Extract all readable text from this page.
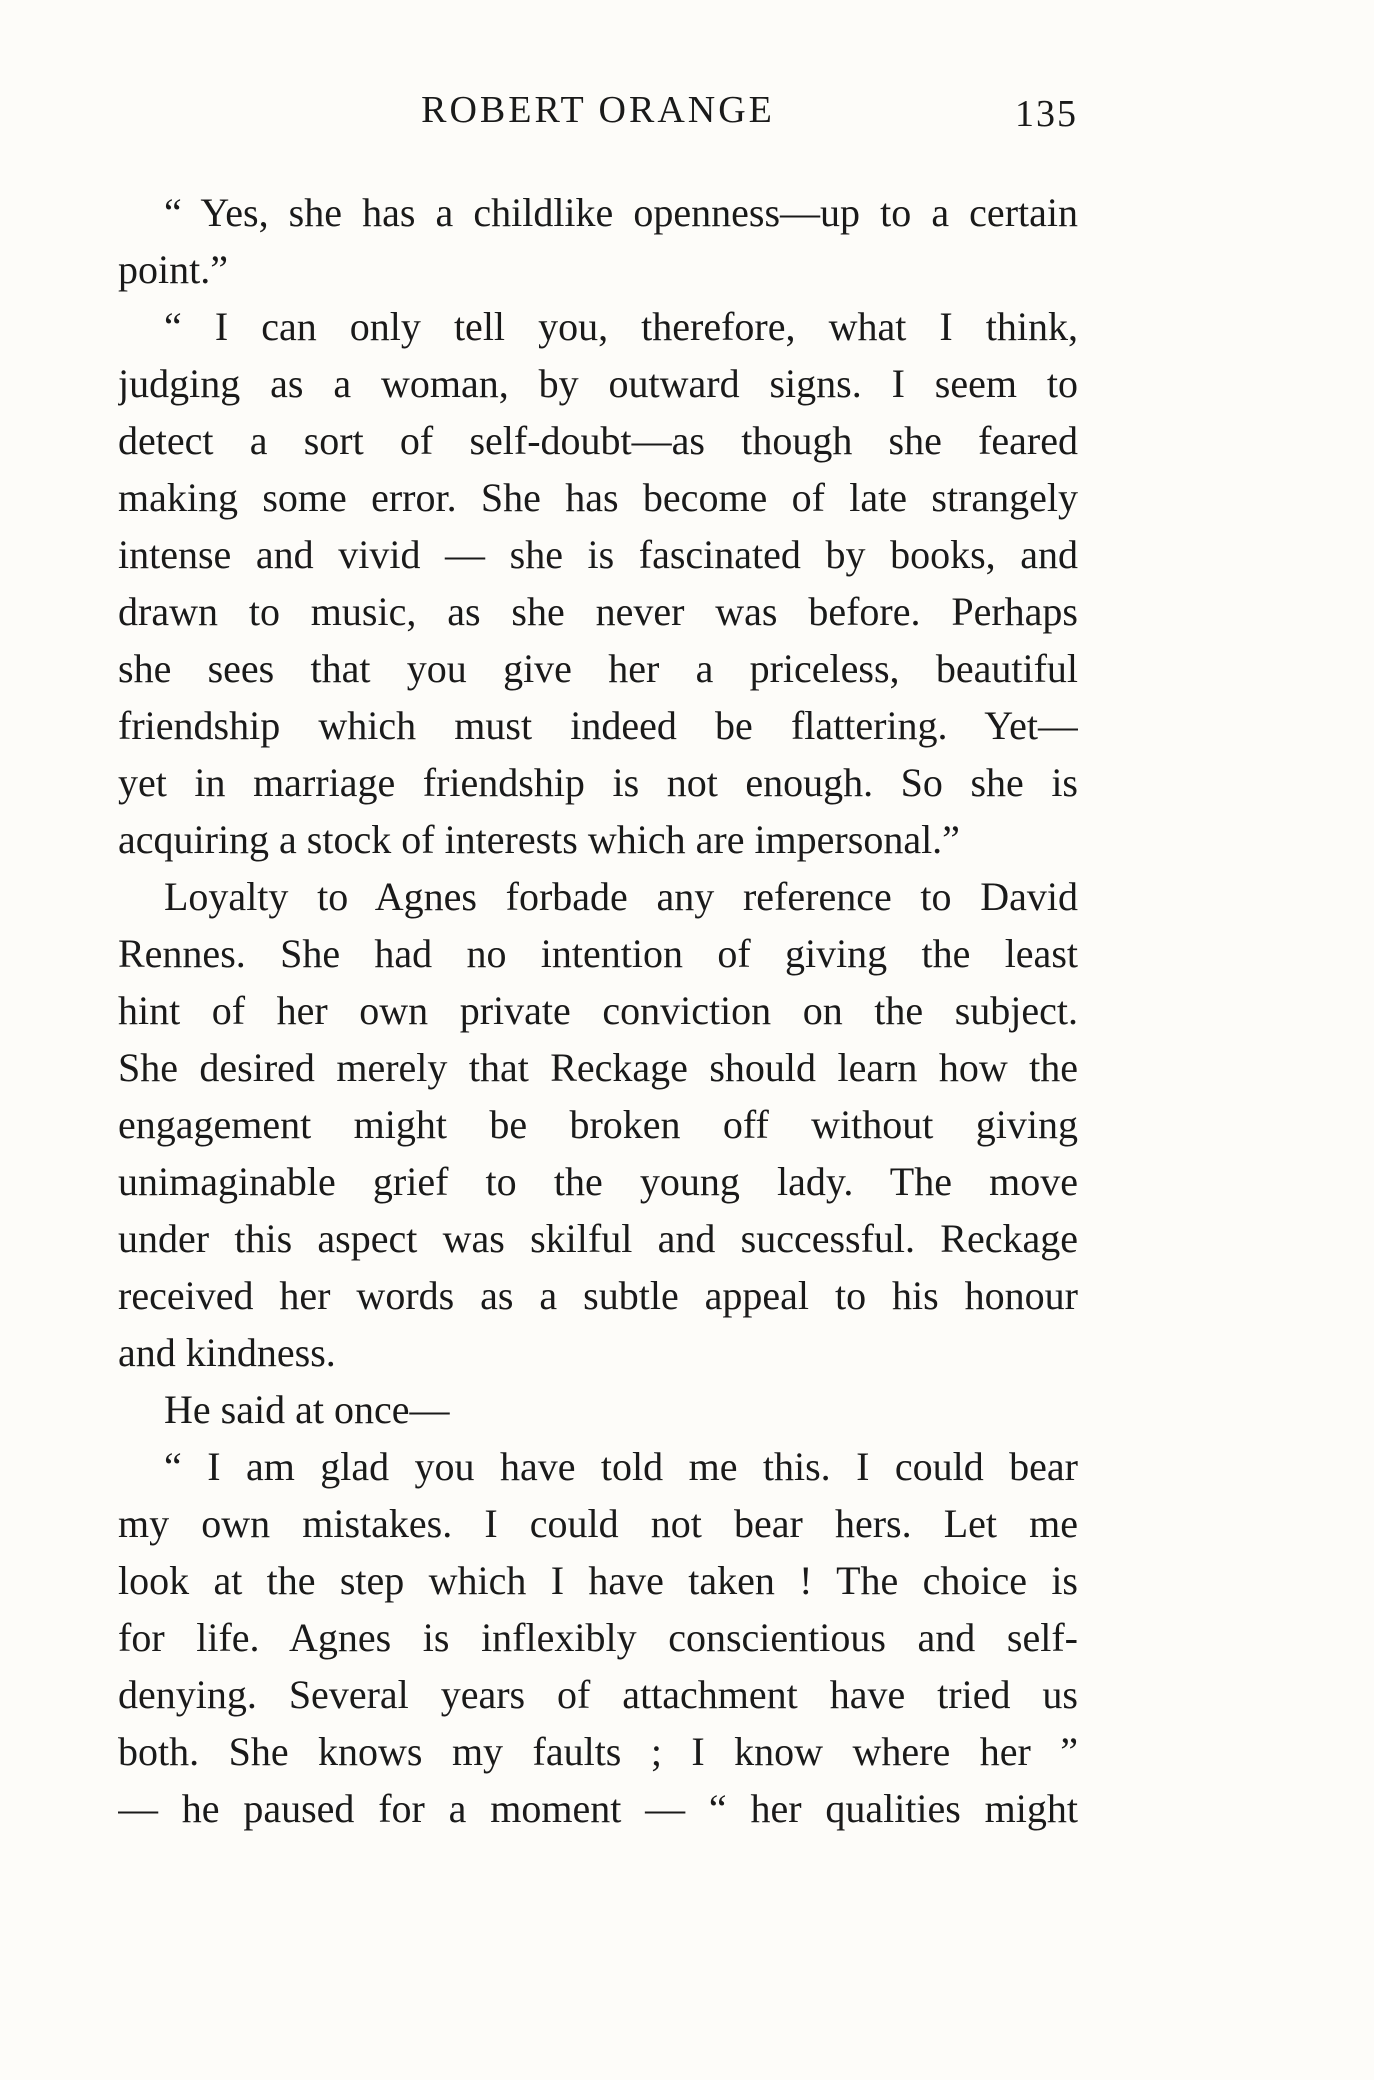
ROBERT ORANGE	135
“ Yes, she has a childlike openness—up to a certain
point.”
“ I can only tell you, therefore, what I think,
judging as a woman, by outward signs. I seem to
detect a sort of self-doubt—as though she feared
making some error. She has become of late strangely
intense and vivid — she is fascinated by books, and
drawn to music, as she never was before. Perhaps
she sees that you give her a priceless, beautiful
friendship which must indeed be flattering. Yet—
yet in marriage friendship is not enough. So she is
acquiring a stock of interests which are impersonal.”
Loyalty to Agnes forbade any reference to David
Rennes. She had no intention of giving the least
hint of her own private conviction on the subject.
She desired merely that Reckage should learn how the
engagement might be broken off without giving
unimaginable grief to the young lady. The move
under this aspect was skilful and successful. Reckage
received her words as a subtle appeal to his honour
and kindness.
He said at once—
“ I am glad you have told me this. I could bear
my own mistakes. I could not bear hers. Let me
look at the step which I have taken ! The choice is
for life. Agnes is inflexibly conscientious and self-
denying. Several years of attachment have tried us
both. She knows my faults ; I know where her ”
— he paused for a moment — “ her qualities might
